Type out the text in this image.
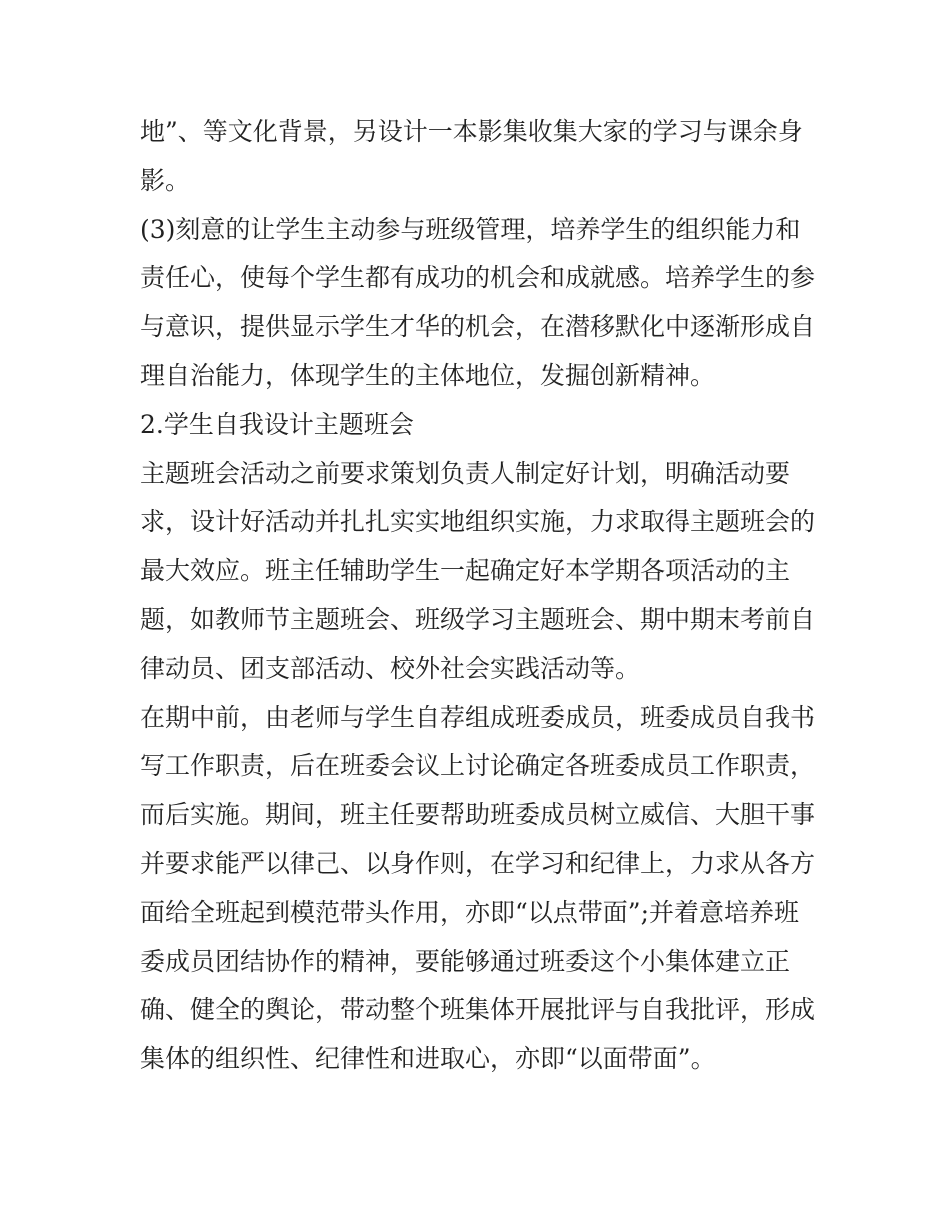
地”、等文化背景，另设计一本影集收集大家的学习与课余身
影。
(3)刻意的让学生主动参与班级管理，培养学生的组织能力和
责任心，使每个学生都有成功的机会和成就感。培养学生的参
与意识，提供显示学生才华的机会，在潜移默化中逐渐形成自
理自治能力，体现学生的主体地位，发掘创新精神。
2.学生自我设计主题班会
主题班会活动之前要求策划负责人制定好计划，明确活动要
求，设计好活动并扎扎实实地组织实施，力求取得主题班会的
最大效应。班主任辅助学生一起确定好本学期各项活动的主
题，如教师节主题班会、班级学习主题班会、期中期末考前自
律动员、团支部活动、校外社会实践活动等。
在期中前，由老师与学生自荐组成班委成员，班委成员自我书
写工作职责，后在班委会议上讨论确定各班委成员工作职责，
而后实施。期间，班主任要帮助班委成员树立威信、大胆干事
并要求能严以律己、以身作则，在学习和纪律上，力求从各方
面给全班起到模范带头作用，亦即“以点带面”;并着意培养班
委成员团结协作的精神，要能够通过班委这个小集体建立正
确、健全的舆论，带动整个班集体开展批评与自我批评，形成
集体的组织性、纪律性和进取心，亦即“以面带面”。
